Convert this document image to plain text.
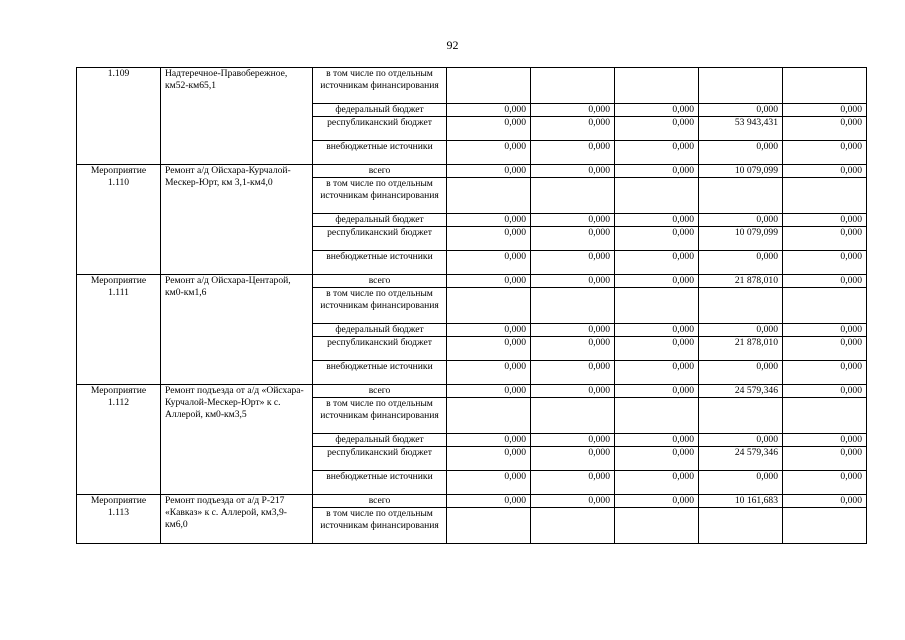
92
1.109	Надтеречное-Правобережное, км52-км65,1	в том числе по отдельным источникам финансирования					
		федеральный бюджет	0,000	0,000	0,000	0,000	0,000
		республиканский бюджет	0,000	0,000	0,000	53 943,431	0,000
		внебюджетные источники	0,000	0,000	0,000	0,000	0,000
Мероприятие 1.110	Ремонт а/д Ойсхара-Курчалой-Мескер-Юрт, км 3,1-км4,0	всего	0,000	0,000	0,000	10 079,099	0,000
		в том числе по отдельным источникам финансирования					
		федеральный бюджет	0,000	0,000	0,000	0,000	0,000
		республиканский бюджет	0,000	0,000	0,000	10 079,099	0,000
		внебюджетные источники	0,000	0,000	0,000	0,000	0,000
Мероприятие 1.111	Ремонт а/д Ойсхара-Центарой, км0-км1,6	всего	0,000	0,000	0,000	21 878,010	0,000
		в том числе по отдельным источникам финансирования					
		федеральный бюджет	0,000	0,000	0,000	0,000	0,000
		республиканский бюджет	0,000	0,000	0,000	21 878,010	0,000
		внебюджетные источники	0,000	0,000	0,000	0,000	0,000
Мероприятие 1.112	Ремонт подъезда от а/д «Ойсхара-Курчалой-Мескер-Юрт» к с. Аллерой, км0-км3,5	всего	0,000	0,000	0,000	24 579,346	0,000
		в том числе по отдельным источникам финансирования					
		федеральный бюджет	0,000	0,000	0,000	0,000	0,000
		республиканский бюджет	0,000	0,000	0,000	24 579,346	0,000
		внебюджетные источники	0,000	0,000	0,000	0,000	0,000
Мероприятие 1.113	Ремонт подъезда от а/д Р-217 «Кавказ» к с. Аллерой, км3,9-км6,0	всего	0,000	0,000	0,000	10 161,683	0,000
		в том числе по отдельным источникам финансирования					
